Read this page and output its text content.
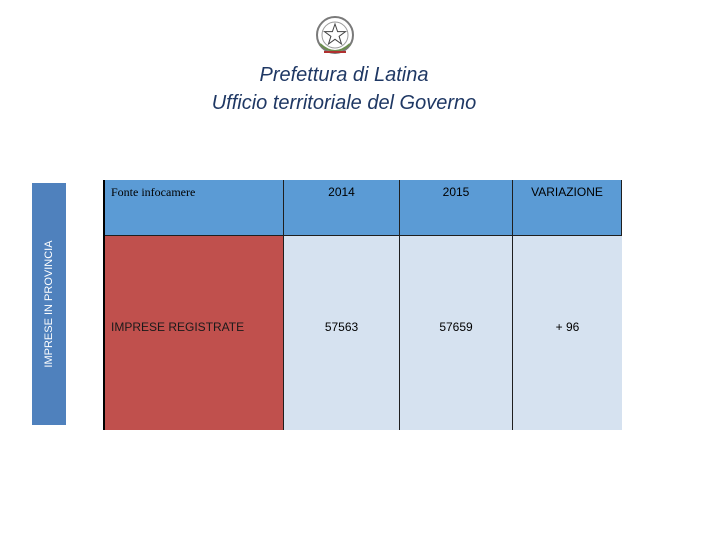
Prefettura di Latina
Ufficio territoriale del Governo
IMPRESE IN PROVINCIA
Fonte infocamere	2014	2015	VARIAZIONE
IMPRESE REGISTRATE	57563	57659	+ 96
